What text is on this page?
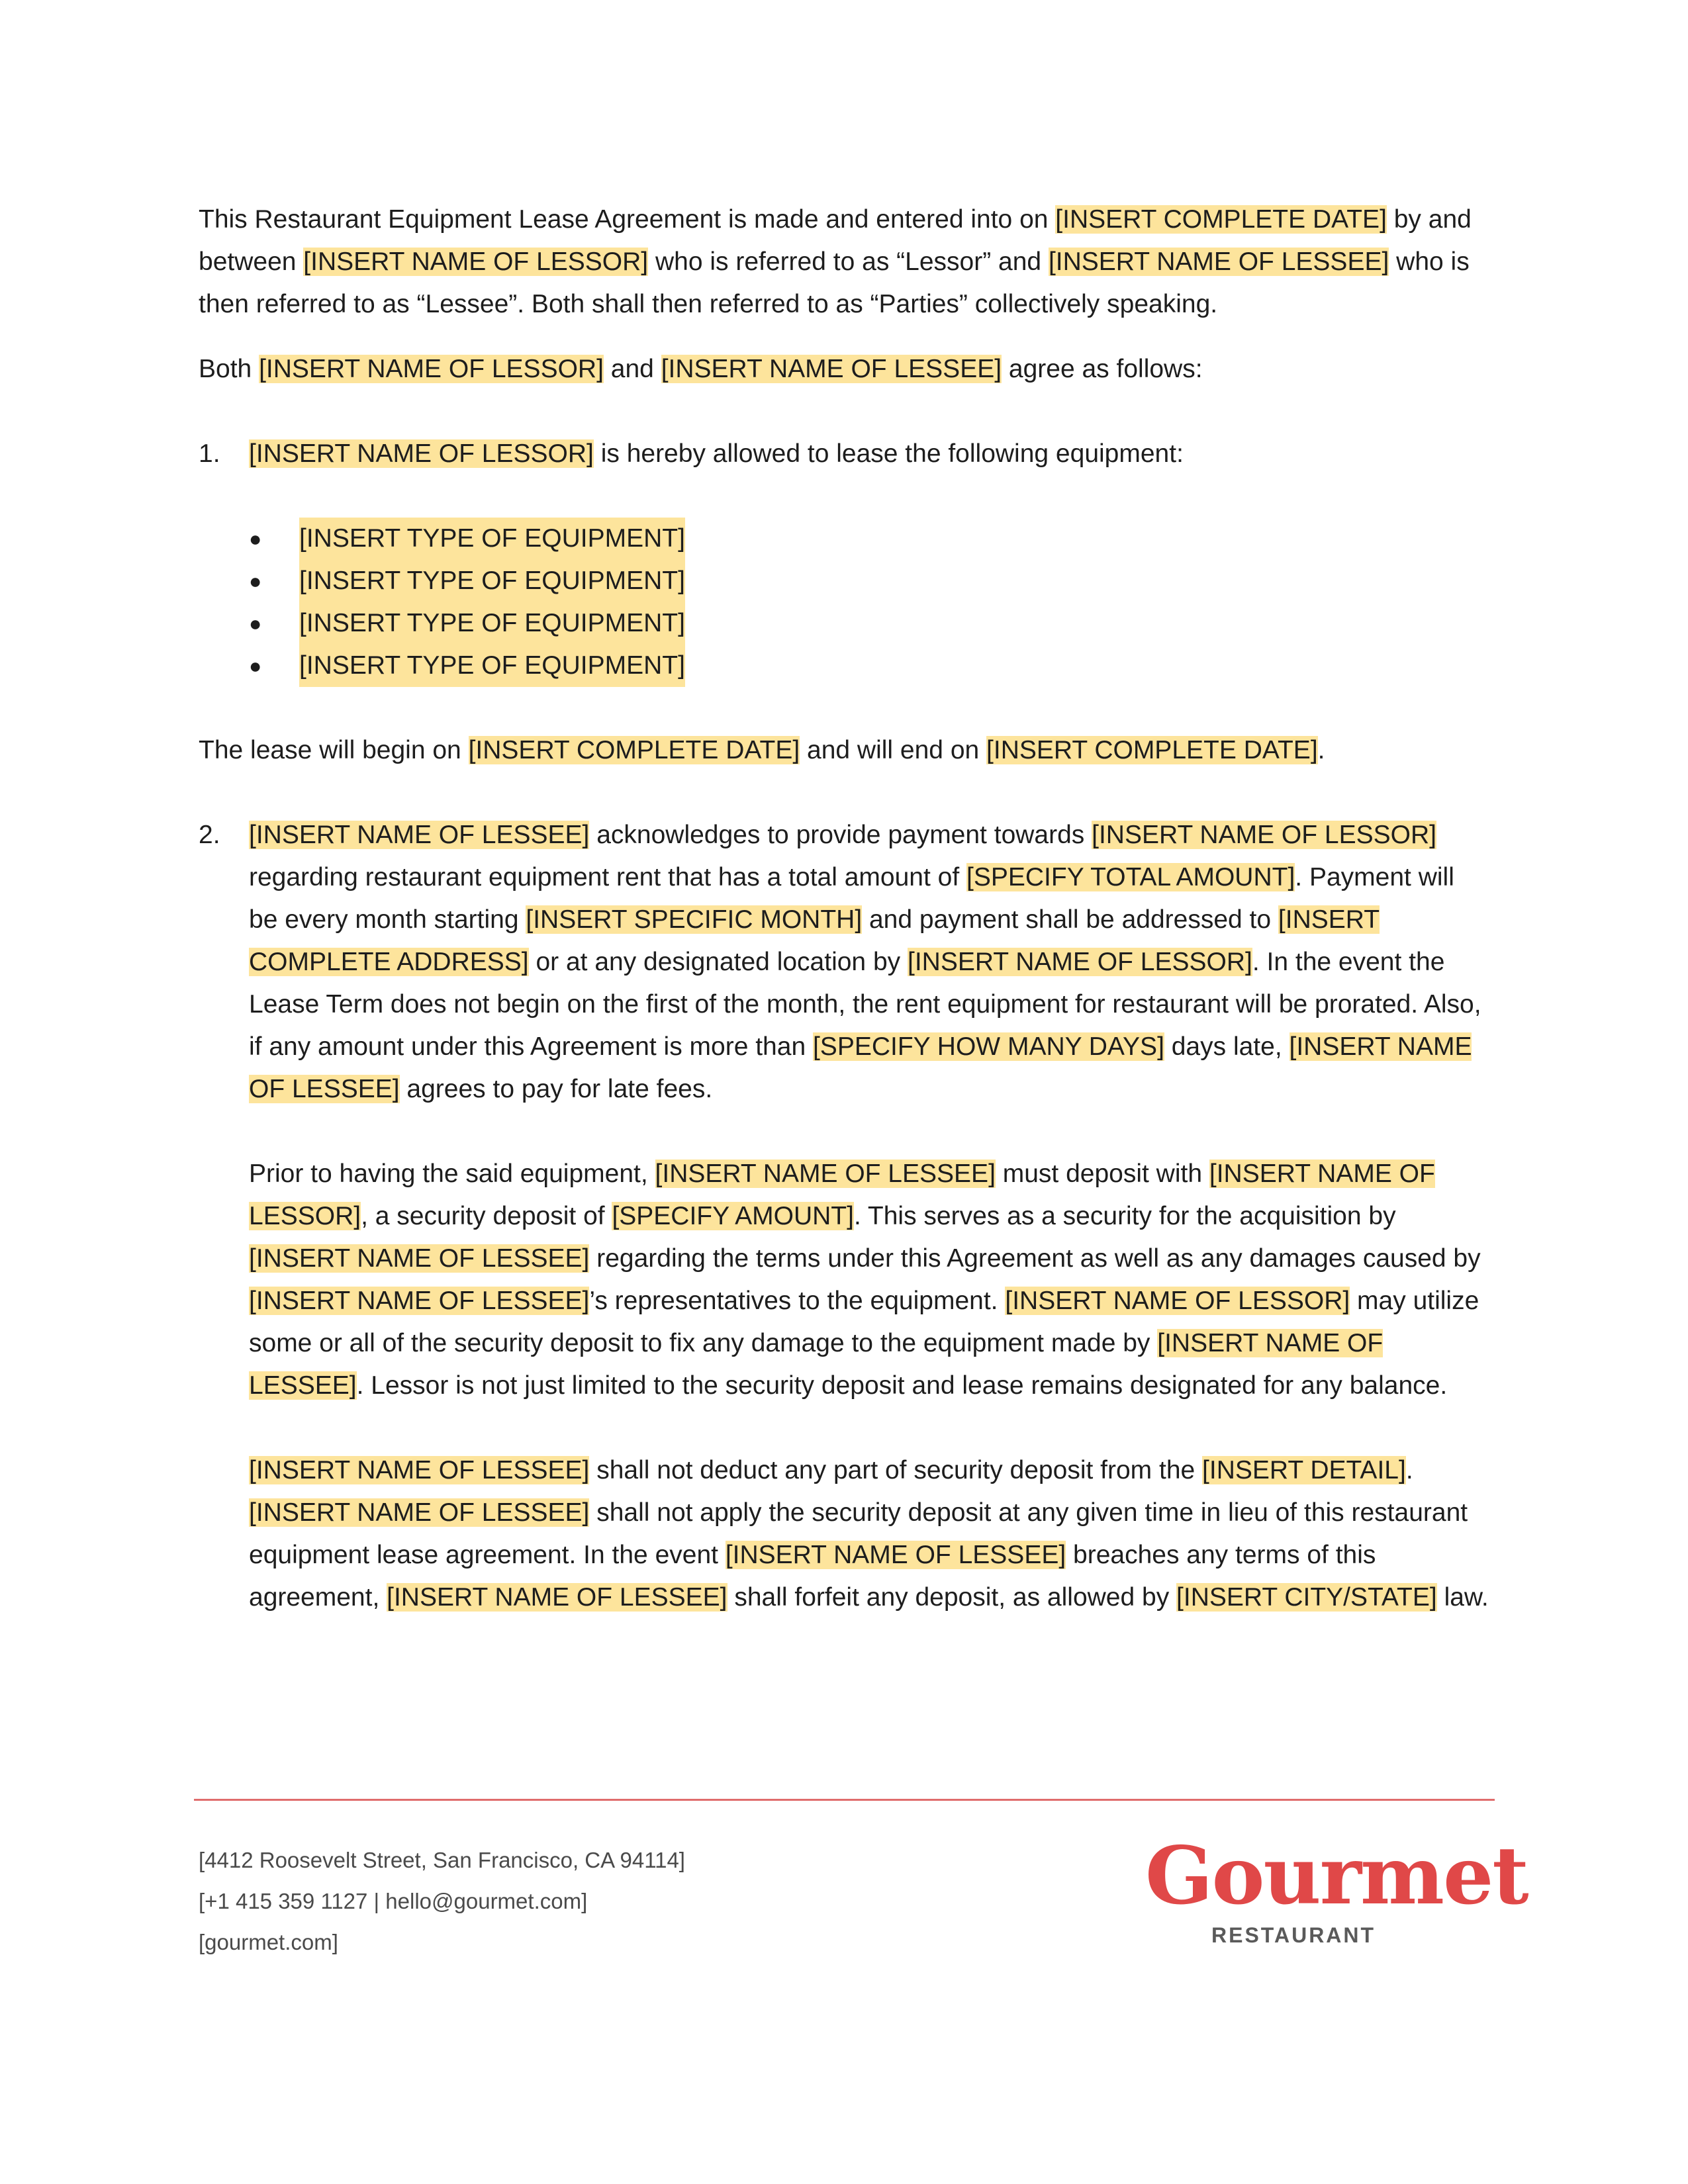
This Restaurant Equipment Lease Agreement is made and entered into on [INSERT COMPLETE DATE] by and between [INSERT NAME OF LESSOR] who is referred to as “Lessor” and [INSERT NAME OF LESSEE] who is then referred to as “Lessee”. Both shall then referred to as “Parties” collectively speaking.

Both [INSERT NAME OF LESSOR] and [INSERT NAME OF LESSEE] agree as follows:

1.	[INSERT NAME OF LESSOR] is hereby allowed to lease the following equipment:
●	[INSERT TYPE OF EQUIPMENT]
●	[INSERT TYPE OF EQUIPMENT]
●	[INSERT TYPE OF EQUIPMENT]
●	[INSERT TYPE OF EQUIPMENT]

The lease will begin on [INSERT COMPLETE DATE] and will end on [INSERT COMPLETE DATE].

2.	[INSERT NAME OF LESSEE] acknowledges to provide payment towards [INSERT NAME OF LESSOR] regarding restaurant equipment rent that has a total amount of [SPECIFY TOTAL AMOUNT]. Payment will be every month starting [INSERT SPECIFIC MONTH] and payment shall be addressed to [INSERT COMPLETE ADDRESS] or at any designated location by [INSERT NAME OF LESSOR]. In the event the Lease Term does not begin on the first of the month, the rent equipment for restaurant will be prorated. Also, if any amount under this Agreement is more than [SPECIFY HOW MANY DAYS] days late, [INSERT NAME OF LESSEE] agrees to pay for late fees.

Prior to having the said equipment, [INSERT NAME OF LESSEE] must deposit with [INSERT NAME OF LESSOR], a security deposit of [SPECIFY AMOUNT]. This serves as a security for the acquisition by [INSERT NAME OF LESSEE] regarding the terms under this Agreement as well as any damages caused by [INSERT NAME OF LESSEE]’s representatives to the equipment. [INSERT NAME OF LESSOR] may utilize some or all of the security deposit to fix any damage to the equipment made by [INSERT NAME OF LESSEE]. Lessor is not just limited to the security deposit and lease remains designated for any balance.

[INSERT NAME OF LESSEE] shall not deduct any part of security deposit from the [INSERT DETAIL]. [INSERT NAME OF LESSEE] shall not apply the security deposit at any given time in lieu of this restaurant equipment lease agreement. In the event [INSERT NAME OF LESSEE] breaches any terms of this agreement, [INSERT NAME OF LESSEE] shall forfeit any deposit, as allowed by [INSERT CITY/STATE] law.

[4412 Roosevelt Street, San Francisco, CA 94114]
[+1 415 359 1127 | hello@gourmet.com]
[gourmet.com]
Gourmet
RESTAURANT
